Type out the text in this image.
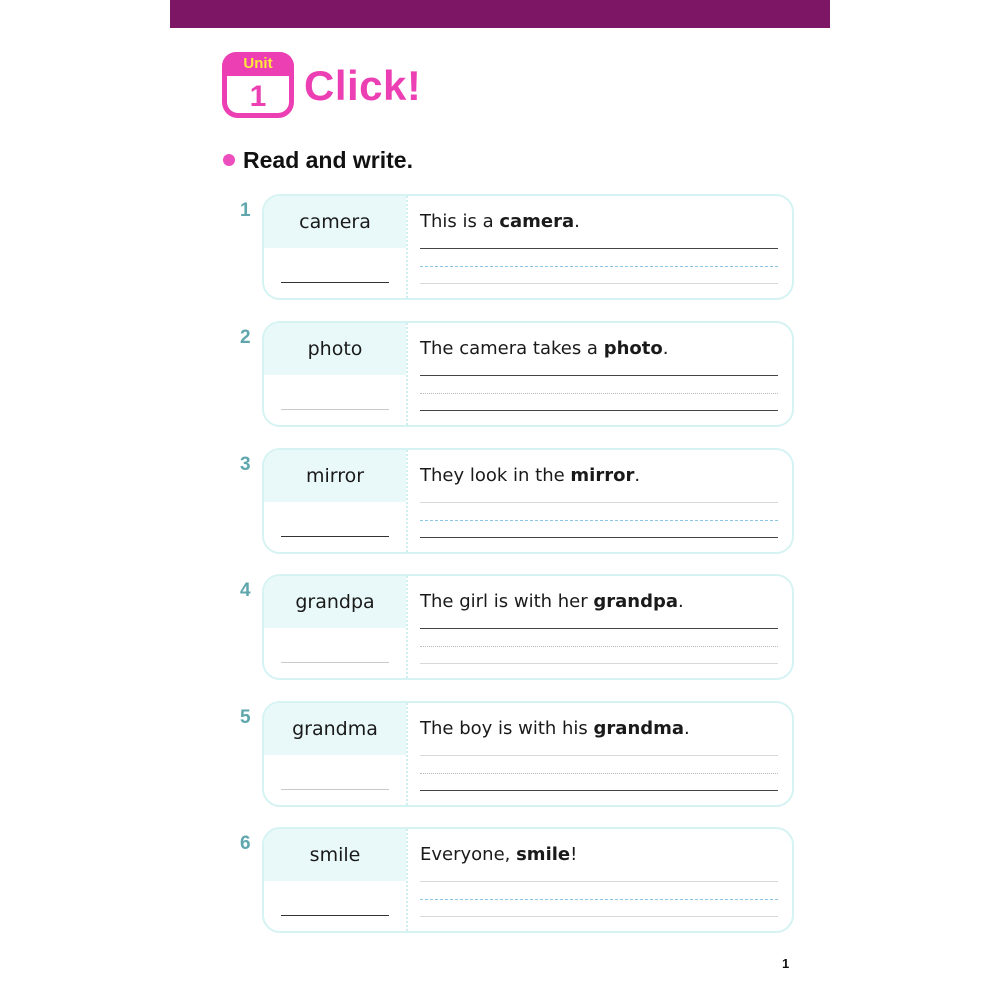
Unit
1 Click!
Read and write.
1
camera	This is a camera.
2
photo	The camera takes a photo.
3
mirror	They look in the mirror.
4
grandpa	The girl is with her grandpa.
5
grandma	The boy is with his grandma.
6
smile	Everyone, smile!
1
